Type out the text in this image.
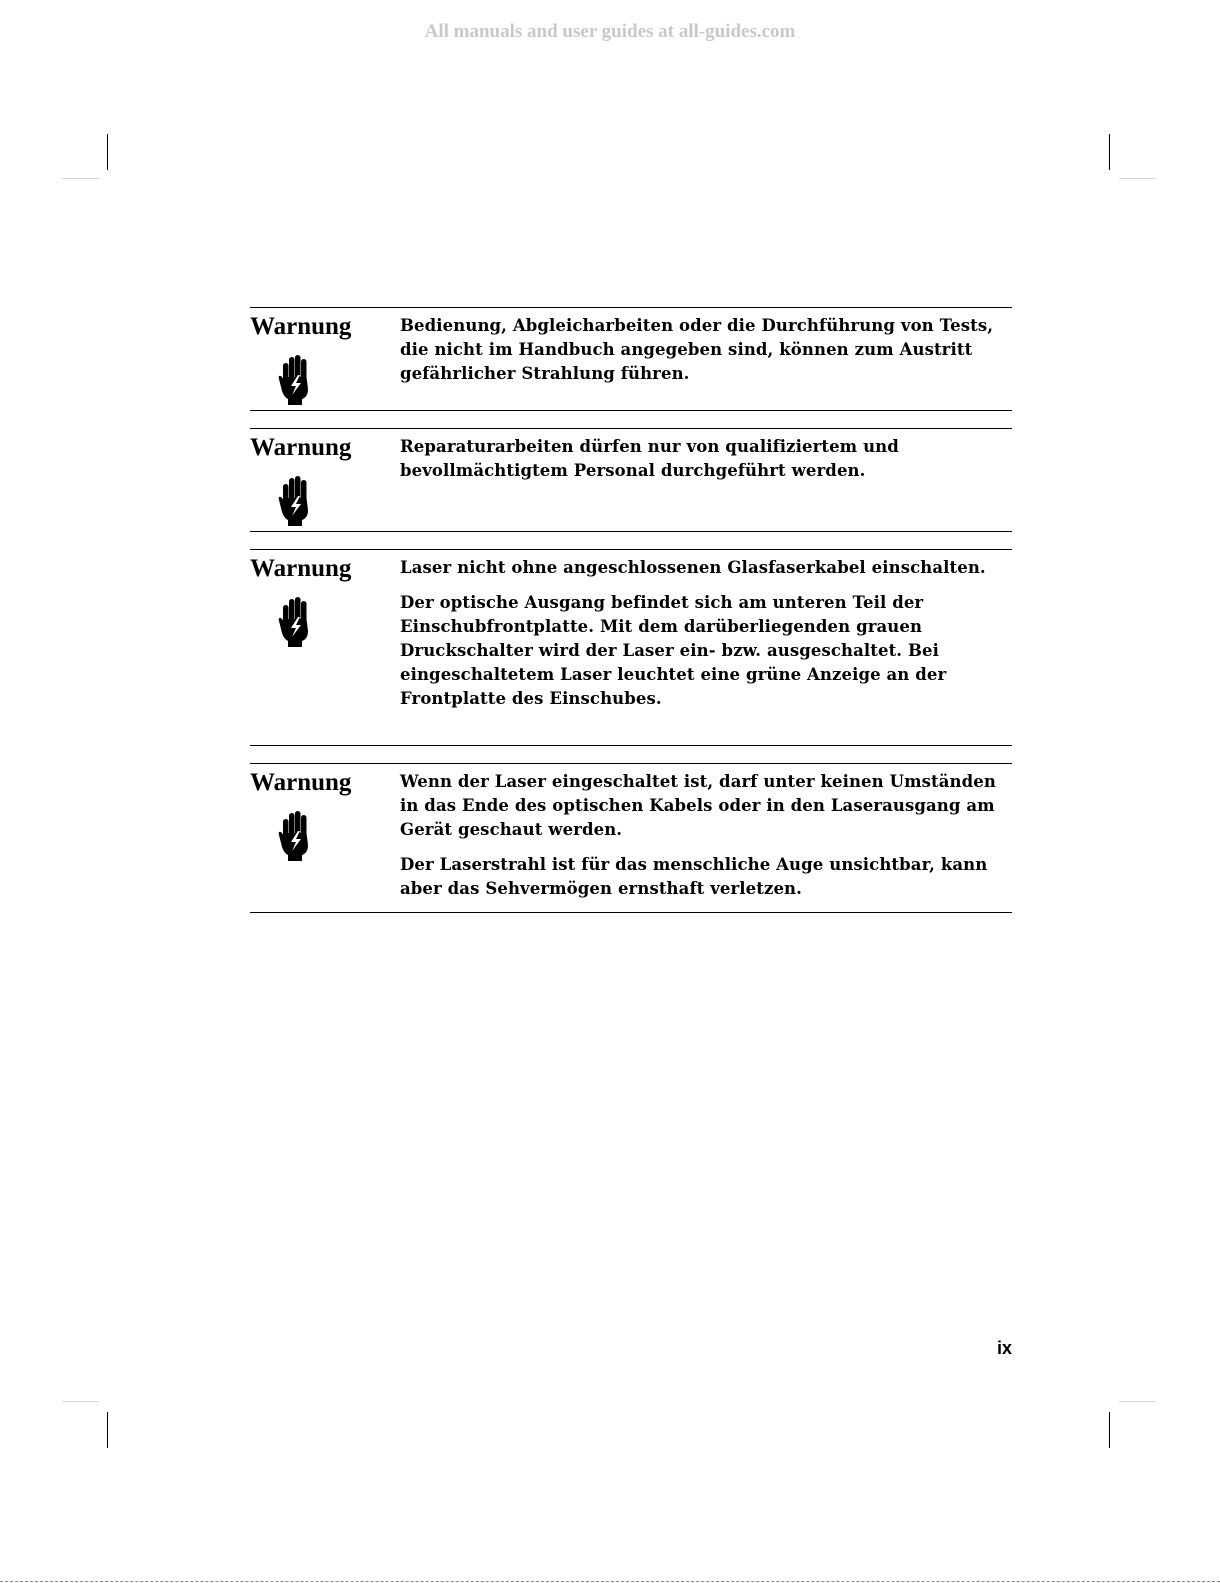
All manuals and user guides at all-guides.com
Warnung	Bedienung, Abgleicharbeiten oder die Durchführung von Tests, die nicht im Handbuch angegeben sind, können zum Austritt gefährlicher Strahlung führen.

Warnung	Reparaturarbeiten dürfen nur von qualifiziertem und bevollmächtigtem Personal durchgeführt werden.

Warnung	Laser nicht ohne angeschlossenen Glasfaserkabel einschalten.

Der optische Ausgang befindet sich am unteren Teil der Einschubfrontplatte. Mit dem darüberliegenden grauen Druckschalter wird der Laser ein- bzw. ausgeschaltet. Bei eingeschaltetem Laser leuchtet eine grüne Anzeige an der Frontplatte des Einschubes.

Warnung	Wenn der Laser eingeschaltet ist, darf unter keinen Umständen in das Ende des optischen Kabels oder in den Laserausgang am Gerät geschaut werden.

Der Laserstrahl ist für das menschliche Auge unsichtbar, kann aber das Sehvermögen ernsthaft verletzen.

ix
